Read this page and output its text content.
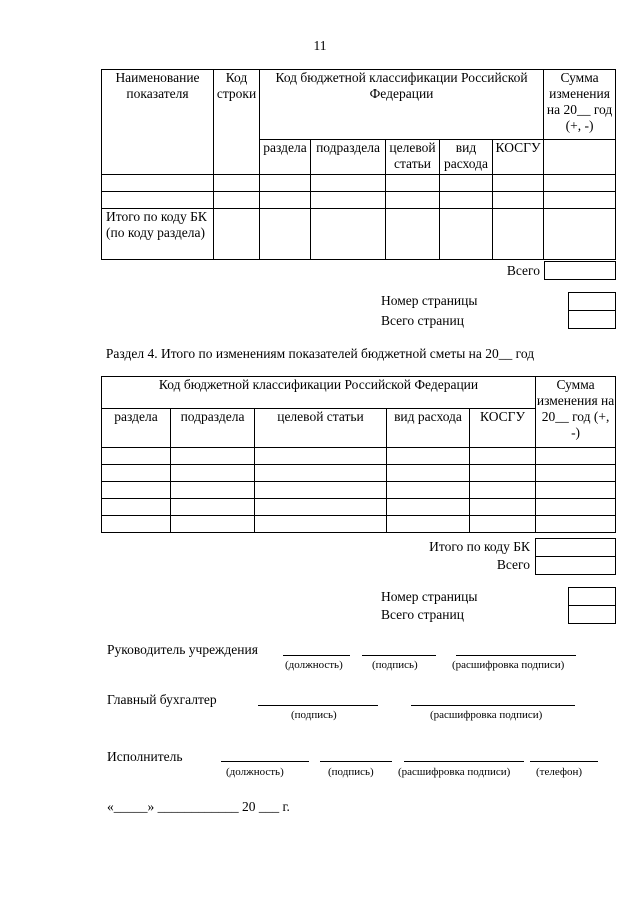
11
Наименование показателя	Код строки	Код бюджетной классификации Российской Федерации					Сумма изменения на 20__ год (+, -)
		раздела	подраздела	целевой статьи	вид расхода	КОСГУ	

Итого по коду БК (по коду раздела)							
Всего
Номер страницы
Всего страниц
Раздел 4. Итого по изменениям показателей бюджетной сметы на 20__ год
Код бюджетной классификации Российской Федерации					Сумма изменения на 20__ год (+, -)
раздела	подраздела	целевой статьи	вид расхода	КОСГУ	

Итого по коду БК
Всего
Номер страницы
Всего страниц
Руководитель учреждения
(должность)	(подпись)	(расшифровка подписи)
Главный бухгалтер
(подпись)	(расшифровка подписи)
Исполнитель
(должность)	(подпись) (расшифровка подписи) (телефон)
«_____» ____________ 20 ___ г.
